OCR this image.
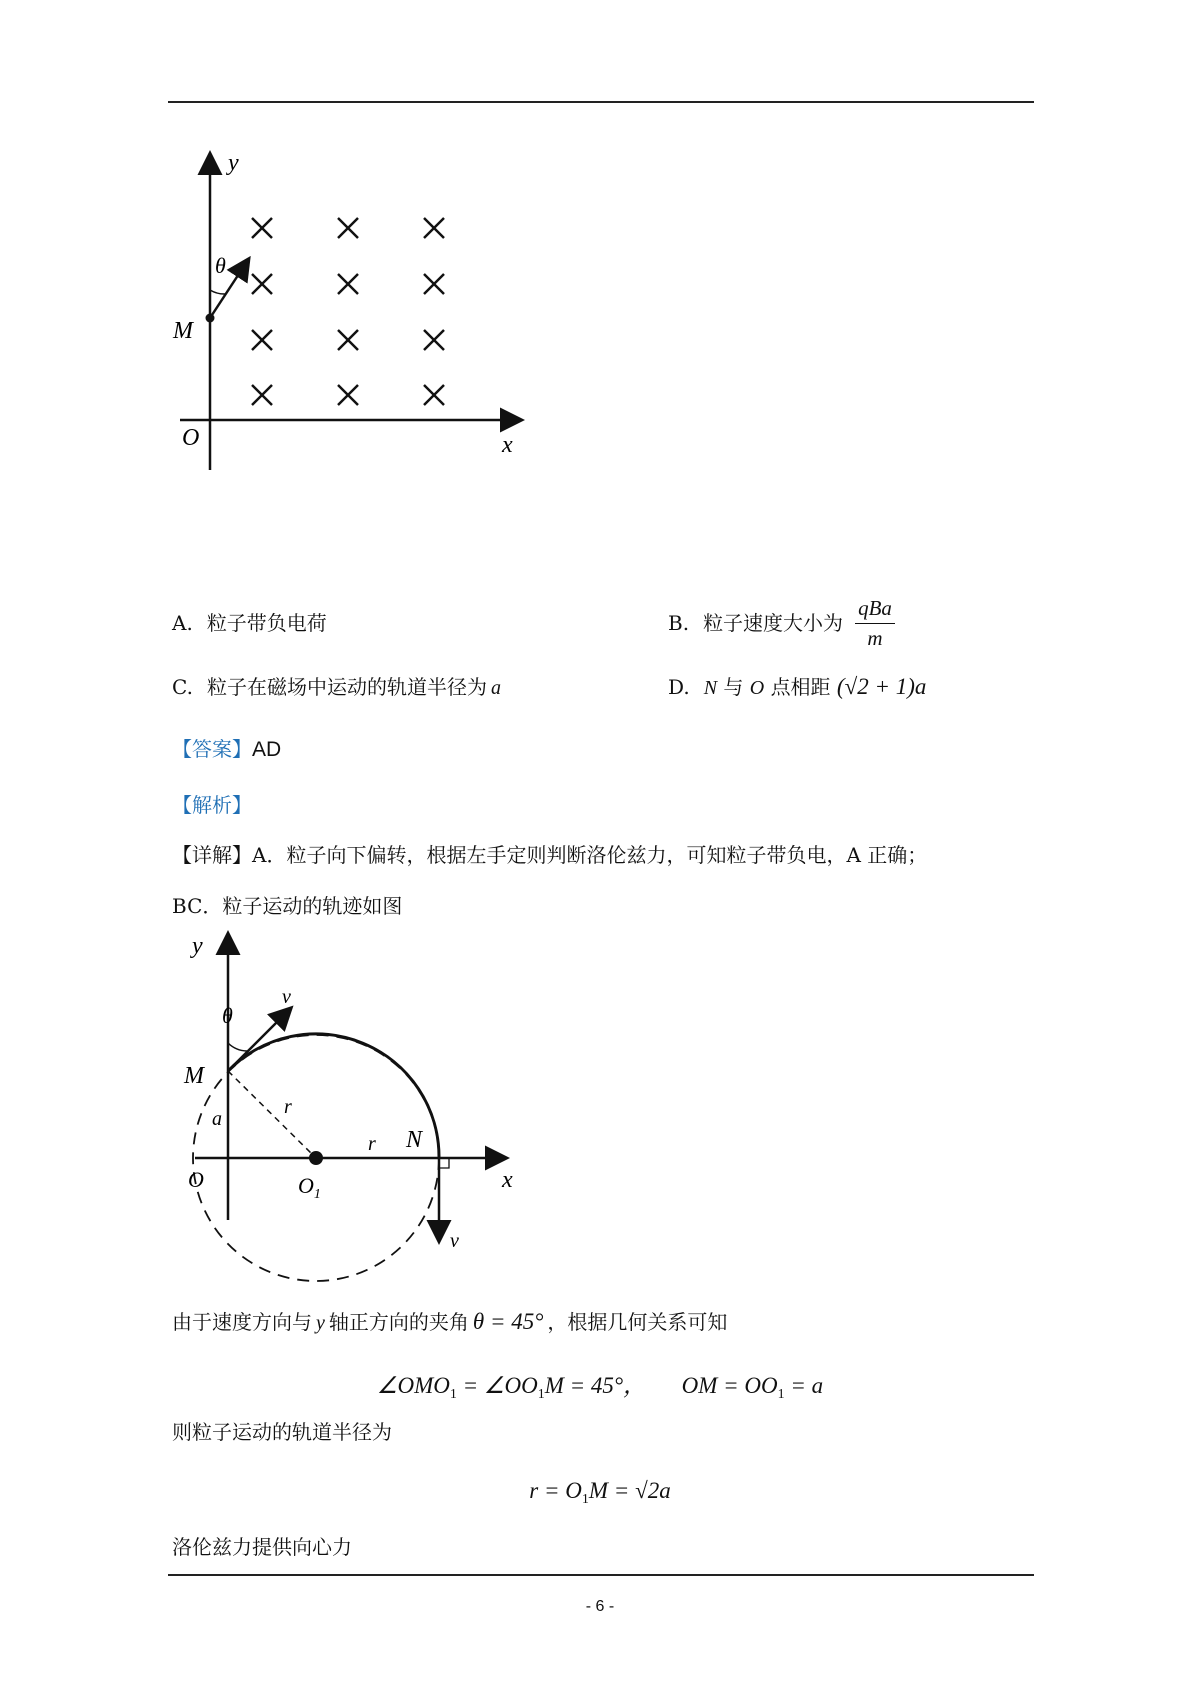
y
x
O
M
θ
A. 粒子带负电荷	B. 粒子速度大小为
qBa
m
C. 粒子在磁场中运动的轨道半径为 a	D. N 与 O 点相距 (√2 + 1)a
【答案】AD
【解析】
【详解】A．粒子向下偏转，根据左手定则判断洛伦兹力，可知粒子带负电，A 正确；
BC．粒子运动的轨迹如图
y
x
O
M
N
$O_1$
θ
v
v
r
r
a
由于速度方向与 y 轴正方向的夹角 θ = 45° ，根据几何关系可知
$\angle OMO_1$ = $\angle OO_1M = 45^\circ$， OM = $OO_1 = a$
则粒子运动的轨道半径为
$r = O_1M = √2a$
洛伦兹力提供向心力
- 6 -
